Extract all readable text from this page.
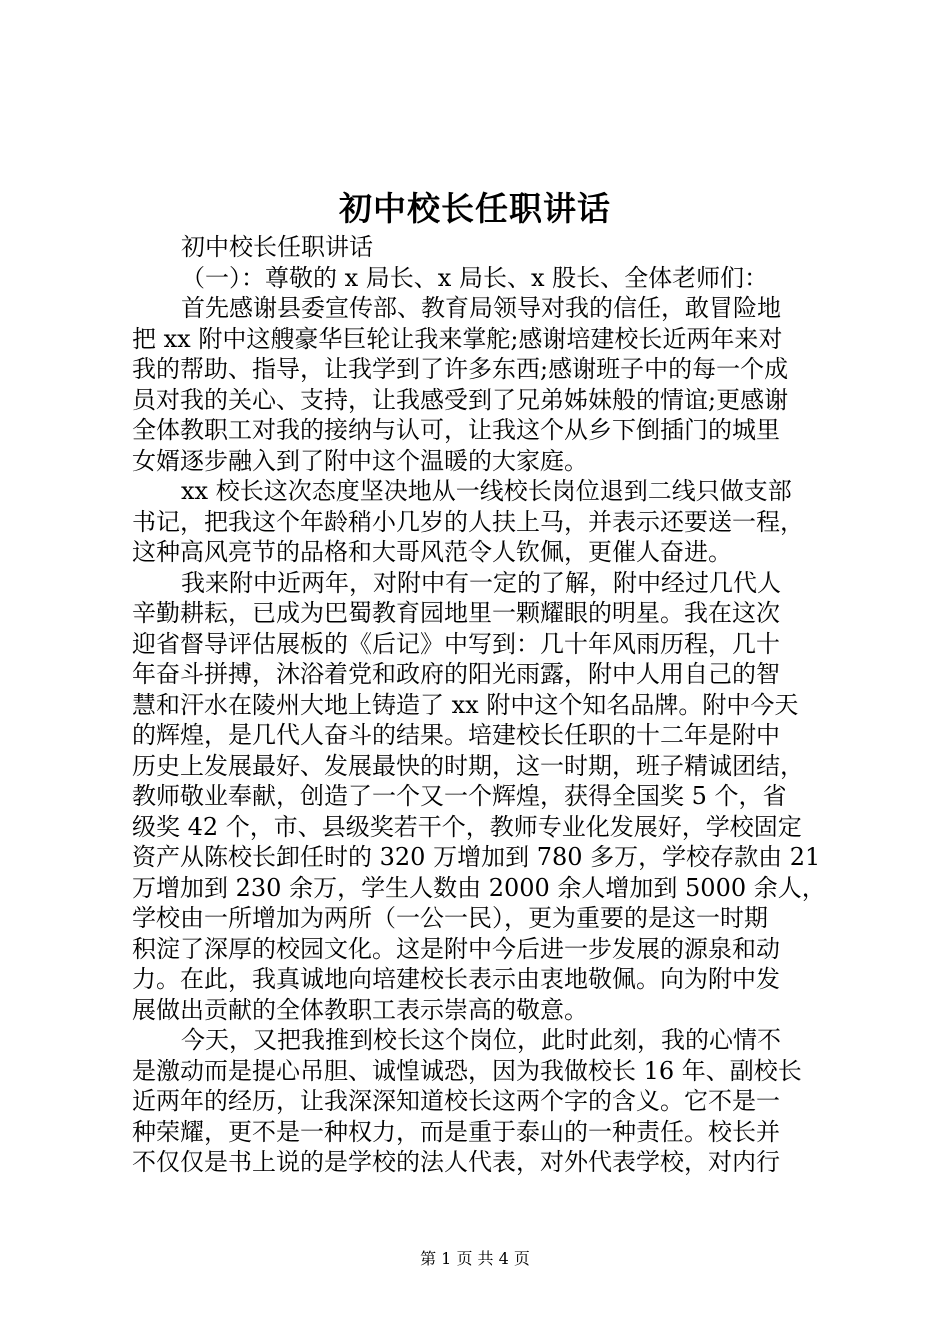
初中校长任职讲话
初中校长任职讲话
（一）：尊敬的 x 局长、x 局长、x 股长、全体老师们：
首先感谢县委宣传部、教育局领导对我的信任，敢冒险地
把 xx 附中这艘豪华巨轮让我来掌舵;感谢培建校长近两年来对
我的帮助、指导，让我学到了许多东西;感谢班子中的每一个成
员对我的关心、支持，让我感受到了兄弟姊妹般的情谊;更感谢
全体教职工对我的接纳与认可，让我这个从乡下倒插门的城里
女婿逐步融入到了附中这个温暖的大家庭。
xx 校长这次态度坚决地从一线校长岗位退到二线只做支部
书记，把我这个年龄稍小几岁的人扶上马，并表示还要送一程，
这种高风亮节的品格和大哥风范令人钦佩，更催人奋进。
我来附中近两年，对附中有一定的了解，附中经过几代人
辛勤耕耘，已成为巴蜀教育园地里一颗耀眼的明星。我在这次
迎省督导评估展板的《后记》中写到：几十年风雨历程，几十
年奋斗拼搏，沐浴着党和政府的阳光雨露，附中人用自己的智
慧和汗水在陵州大地上铸造了 xx 附中这个知名品牌。附中今天
的辉煌，是几代人奋斗的结果。培建校长任职的十二年是附中
历史上发展最好、发展最快的时期，这一时期，班子精诚团结，
教师敬业奉献，创造了一个又一个辉煌，获得全国奖 5 个，省
级奖 42 个，市、县级奖若干个，教师专业化发展好，学校固定
资产从陈校长卸任时的 320 万增加到 780 多万，学校存款由 21
万增加到 230 余万，学生人数由 2000 余人增加到 5000 余人，
学校由一所增加为两所（一公一民），更为重要的是这一时期
积淀了深厚的校园文化。这是附中今后进一步发展的源泉和动
力。在此，我真诚地向培建校长表示由衷地敬佩。向为附中发
展做出贡献的全体教职工表示崇高的敬意。
今天，又把我推到校长这个岗位，此时此刻，我的心情不
是激动而是提心吊胆、诚惶诚恐，因为我做校长 16 年、副校长
近两年的经历，让我深深知道校长这两个字的含义。它不是一
种荣耀，更不是一种权力，而是重于泰山的一种责任。校长并
不仅仅是书上说的是学校的法人代表，对外代表学校，对内行
第 1 页 共 4 页
